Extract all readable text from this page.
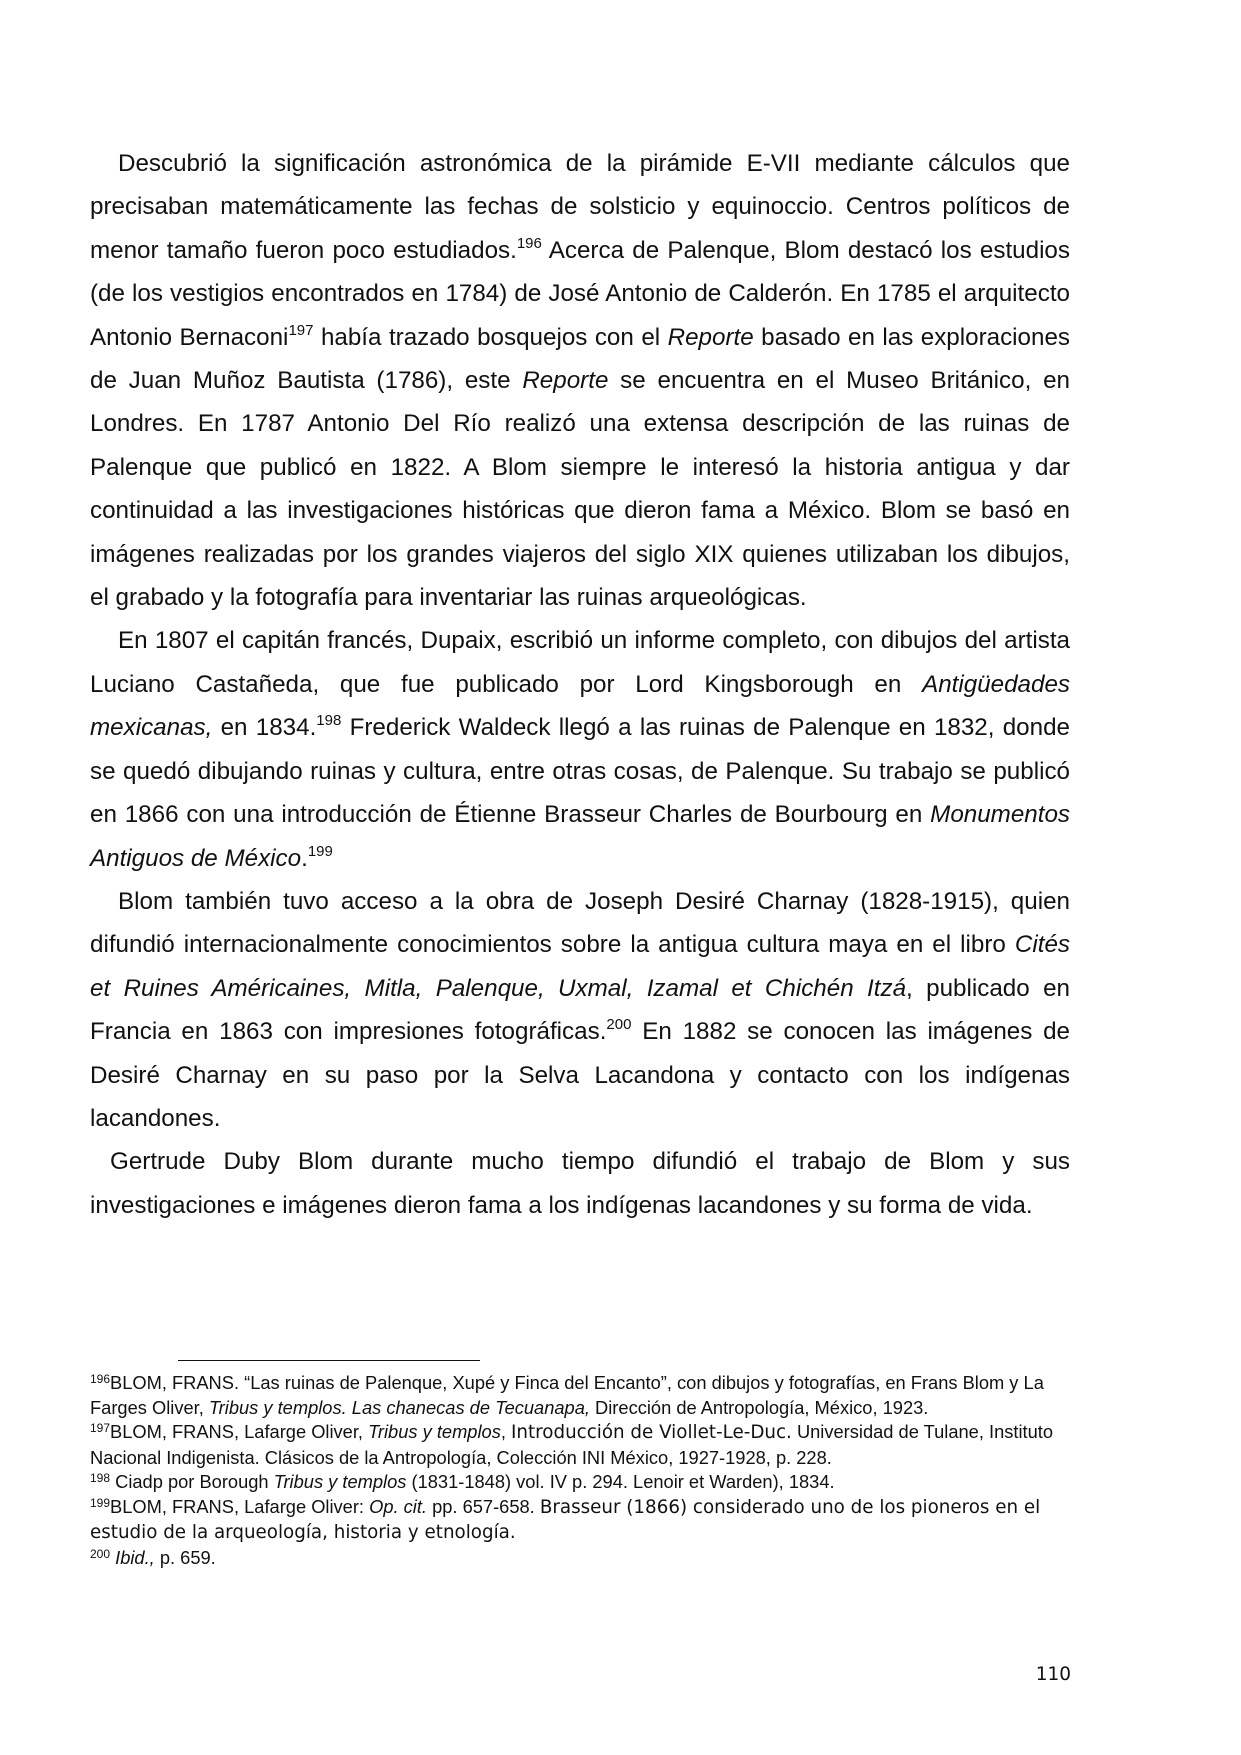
Descubrió la significación astronómica de la pirámide E-VII mediante cálculos que precisaban matemáticamente las fechas de solsticio y equinoccio. Centros políticos de menor tamaño fueron poco estudiados.$^{196}$ Acerca de Palenque, Blom destacó los estudios (de los vestigios encontrados en 1784) de José Antonio de Calderón. En 1785 el arquitecto Antonio Bernaconi$^{197}$ había trazado bosquejos con el Reporte basado en las exploraciones de Juan Muñoz Bautista (1786), este Reporte se encuentra en el Museo Británico, en Londres. En 1787 Antonio Del Río realizó una extensa descripción de las ruinas de Palenque que publicó en 1822. A Blom siempre le interesó la historia antigua y dar continuidad a las investigaciones históricas que dieron fama a México. Blom se basó en imágenes realizadas por los grandes viajeros del siglo XIX quienes utilizaban los dibujos, el grabado y la fotografía para inventariar las ruinas arqueológicas.

En 1807 el capitán francés, Dupaix, escribió un informe completo, con dibujos del artista Luciano Castañeda, que fue publicado por Lord Kingsborough en Antigüedades mexicanas, en 1834.$^{198}$ Frederick Waldeck llegó a las ruinas de Palenque en 1832, donde se quedó dibujando ruinas y cultura, entre otras cosas, de Palenque. Su trabajo se publicó en 1866 con una introducción de Étienne Brasseur Charles de Bourbourg en Monumentos Antiguos de México.$^{199}$

Blom también tuvo acceso a la obra de Joseph Desiré Charnay (1828-1915), quien difundió internacionalmente conocimientos sobre la antigua cultura maya en el libro Cités et Ruines Américaines, Mitla, Palenque, Uxmal, Izamal et Chichén Itzá, publicado en Francia en 1863 con impresiones fotográficas.$^{200}$ En 1882 se conocen las imágenes de Desiré Charnay en su paso por la Selva Lacandona y contacto con los indígenas lacandones.

Gertrude Duby Blom durante mucho tiempo difundió el trabajo de Blom y sus investigaciones e imágenes dieron fama a los indígenas lacandones y su forma de vida.

$^{196}$BLOM, FRANS. “Las ruinas de Palenque, Xupé y Finca del Encanto”, con dibujos y fotografías, en Frans Blom y La Farges Oliver, Tribus y templos. Las chanecas de Tecuanapa, Dirección de Antropología, México, 1923.

$^{197}$BLOM, FRANS, Lafarge Oliver, Tribus y templos, Introducción de Viollet-Le-Duc. Universidad de Tulane, Instituto Nacional Indigenista. Clásicos de la Antropología, Colección INI México, 1927-1928, p. 228.

$^{198}$ Ciadp por Borough Tribus y templos (1831-1848) vol. IV p. 294. Lenoir et Warden), 1834.

$^{199}$BLOM, FRANS, Lafarge Oliver: Op. cit. pp. 657-658. Brasseur (1866) considerado uno de los pioneros en el estudio de la arqueología, historia y etnología.

$^{200}$ Ibid., p. 659.

110
